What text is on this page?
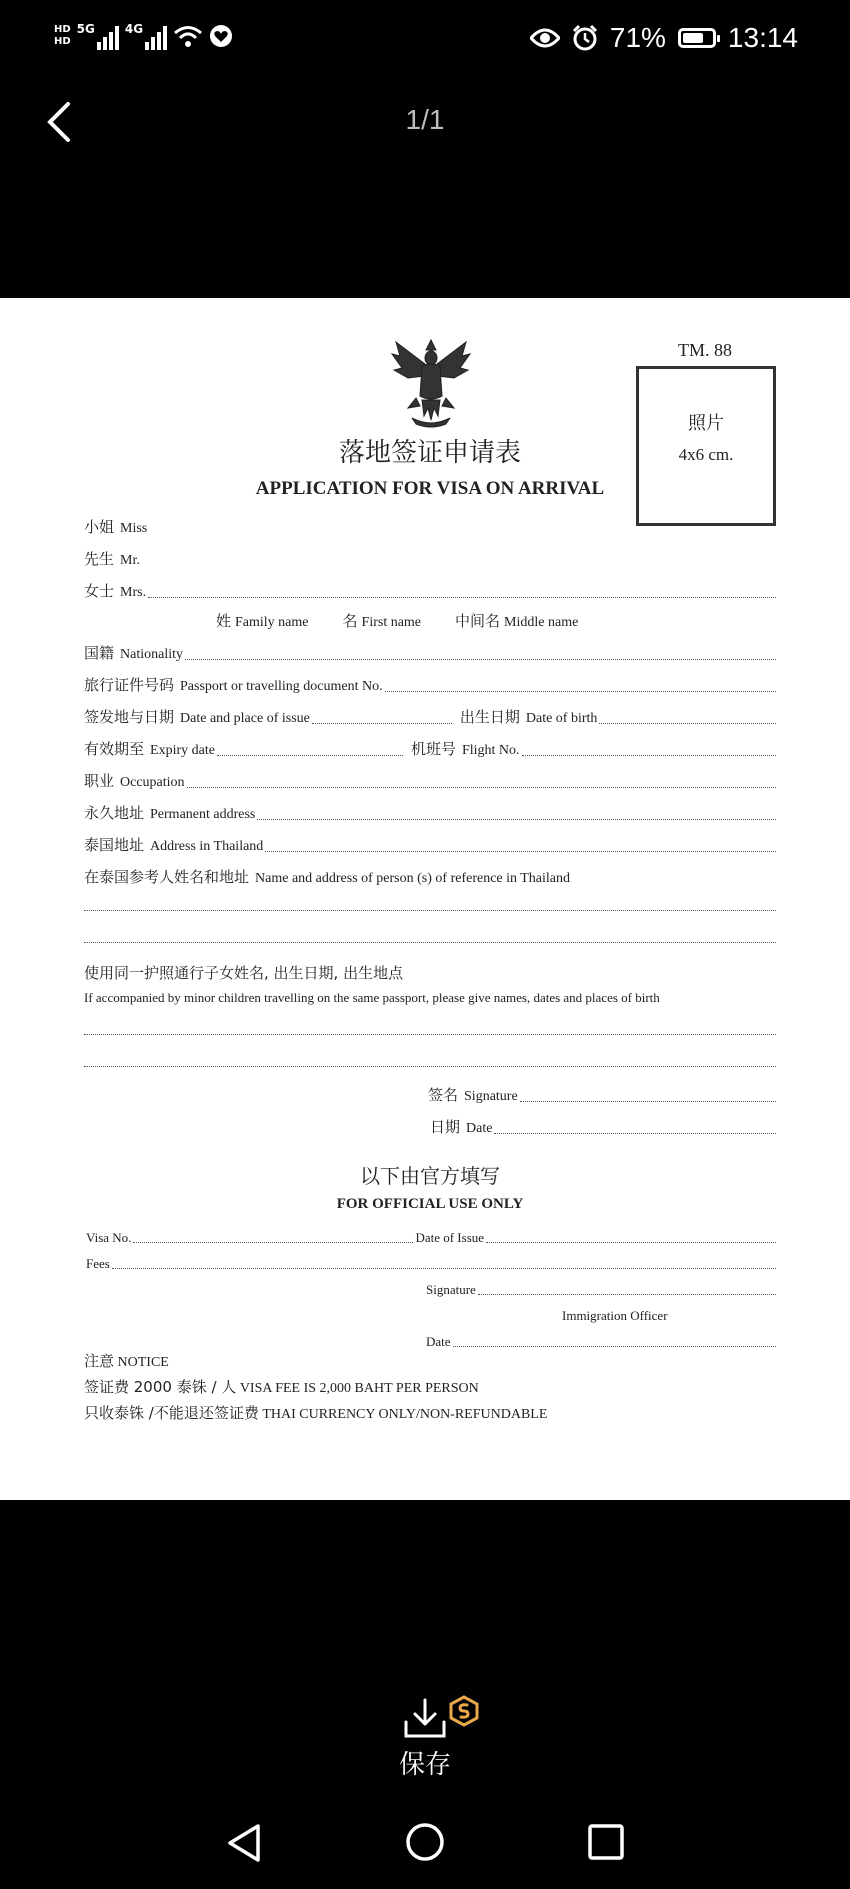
HD
HD
5G	4G	71% 13:14
1/1
TM. 88
照片
4x6 cm.
落地签证申请表
APPLICATION FOR VISA ON ARRIVAL
小姐 Miss
先生 Mr.
女士 Mrs.
姓 Family name 名 First name 中间名 Middle name
国籍 Nationality
旅行证件号码 Passport or travelling document No.
签发地与日期 Date and place of issue	出生日期 Date of birth
有效期至 Expiry date	机班号 Flight No.
职业 Occupation
永久地址 Permanent address
泰国地址 Address in Thailand
在泰国参考人姓名和地址 Name and address of person (s) of reference in Thailand
使用同一护照通行子女姓名, 出生日期, 出生地点
If accompanied by minor children travelling on the same passport, please give names, dates and places of birth
签名 Signature
日期 Date
以下由官方填写
FOR OFFICIAL USE ONLY
Visa No.	Date of Issue
Fees
Signature
Immigration Officer
Date
注意 NOTICE
签证费 2000 泰铢 / 人 VISA FEE IS 2,000 BAHT PER PERSON
只收泰铢 /不能退还签证费 THAI CURRENCY ONLY/NON-REFUNDABLE
保存
